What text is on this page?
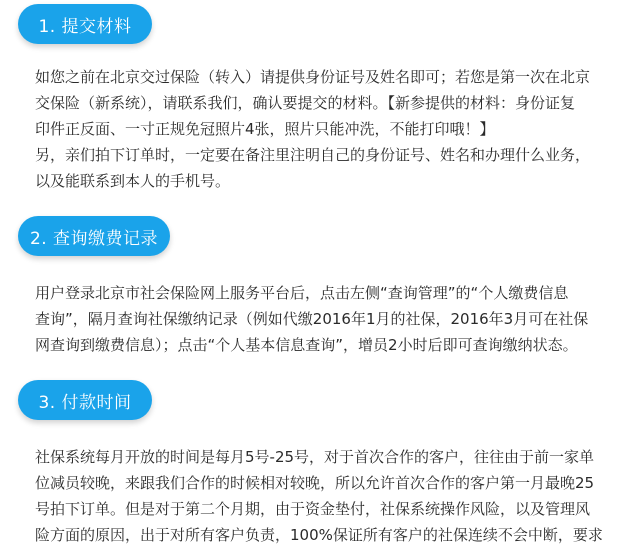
1. 提交材料

如您之前在北京交过保险（转入）请提供身份证号及姓名即可；若您是第一次在北京

交保险（新系统），请联系我们，确认要提交的材料。【新参提供的材料：身份证复

印件正反面、一寸正规免冠照片4张，照片只能冲洗，不能打印哦！】

另，亲们拍下订单时，一定要在备注里注明自己的身份证号、姓名和办理什么业务，

以及能联系到本人的手机号。

2. 查询缴费记录

用户登录北京市社会保险网上服务平台后，点击左侧“查询管理”的“个人缴费信息

查询”，隔月查询社保缴纳记录（例如代缴2016年1月的社保，2016年3月可在社保

网查询到缴费信息）；点击“个人基本信息查询”，增员2小时后即可查询缴纳状态。

3. 付款时间

社保系统每月开放的时间是每月5号-25号，对于首次合作的客户，往往由于前一家单

位减员较晚，来跟我们合作的时候相对较晚，所以允许首次合作的客户第一月最晚25

号拍下订单。但是对于第二个月期，由于资金垫付，社保系统操作风险，以及管理风

险方面的原因，出于对所有客户负责，100%保证所有客户的社保连续不会中断，要求
